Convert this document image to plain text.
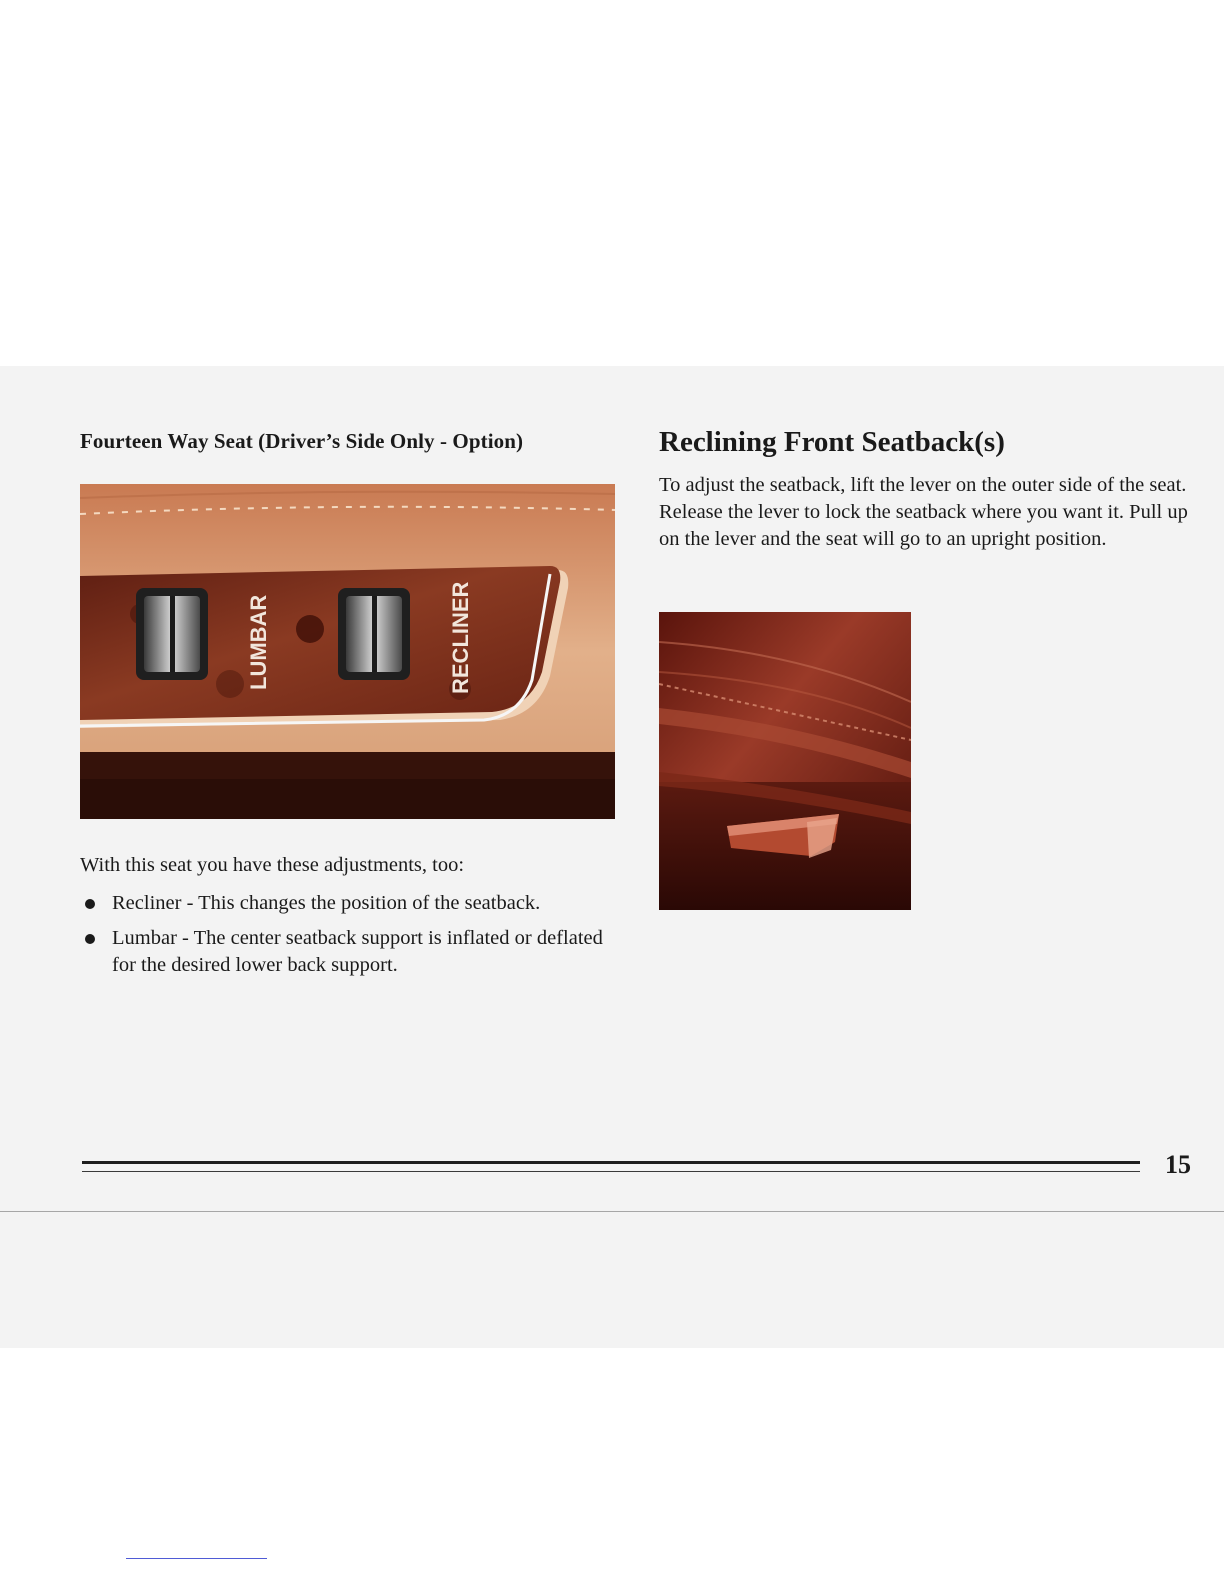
Fourteen Way Seat (Driver’s Side Only - Option)
LUMBAR	RECLINER
With this seat you have these adjustments, too:
Recliner - This changes the position of the seatback.
Lumbar - The center seatback support is inflated or deflated for the desired lower back support.
Reclining Front Seatback(s)
To adjust the seatback, lift the lever on the outer side of the seat. Release the lever to lock the seatback where you want it. Pull up on the lever and the seat will go to an upright position.
15
